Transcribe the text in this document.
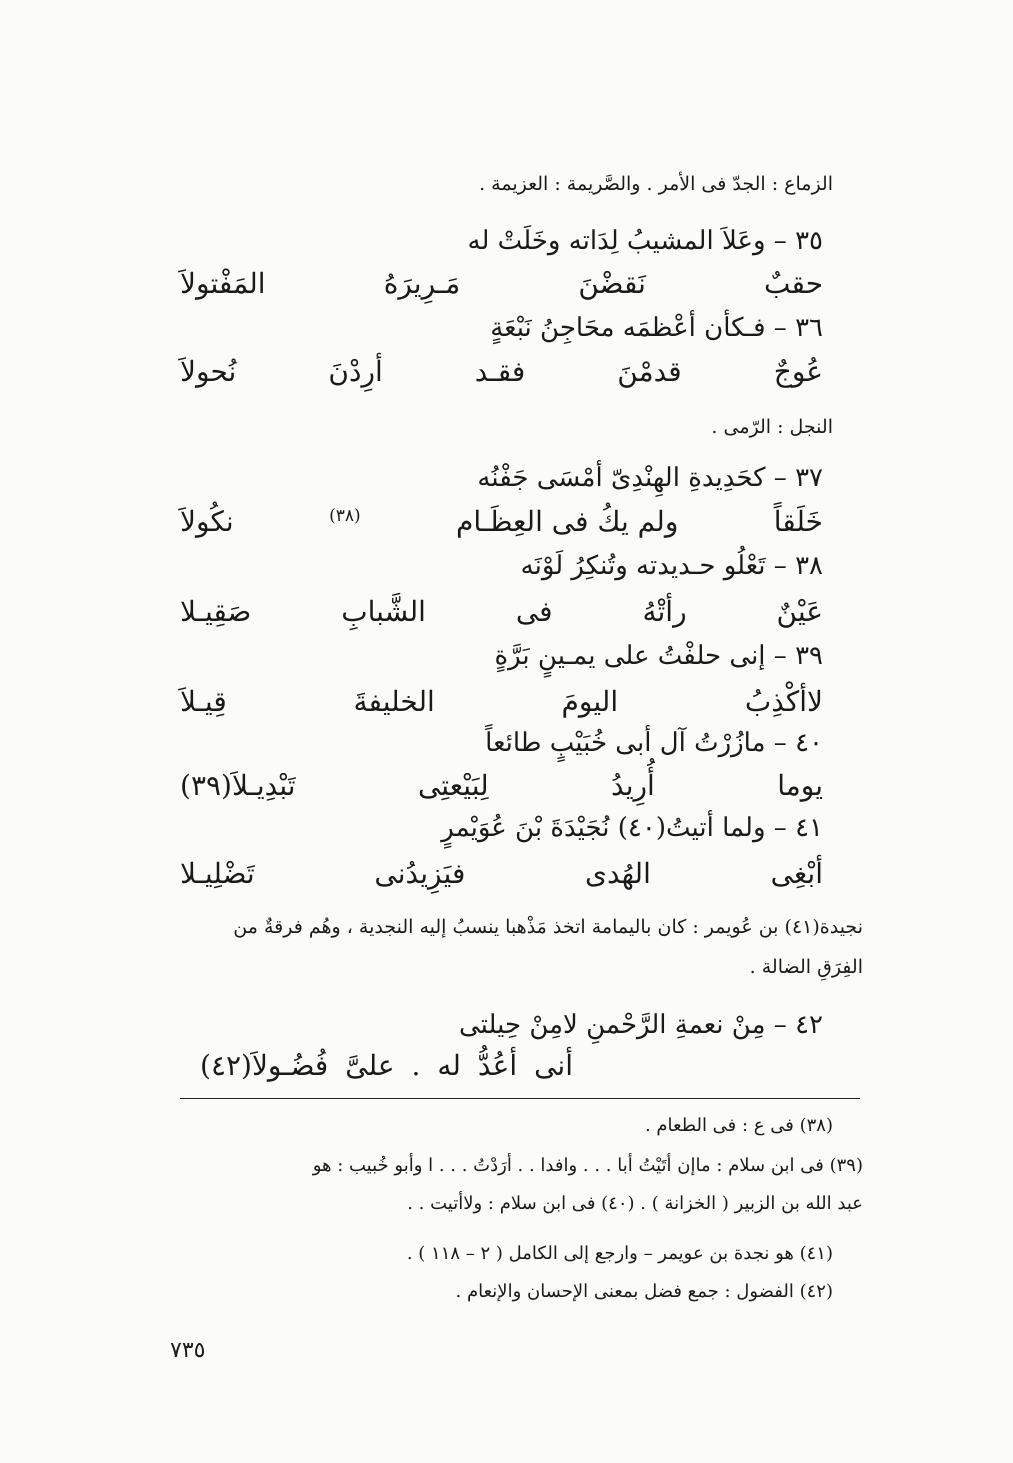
الزماع : الجدّ فى الأمر . والصَّريمة : العزيمة .
٣٥ – وعَلاَ المشيبُ لِدَاته وخَلَتْ له
حقبٌ
نَقضْنَ
مَـرِيرَهُ
المَفْتولاَ
٣٦ – فـكأن أعْظمَه محَاجِنُ نَبْعَةٍ
عُوجٌ
قدمْنَ
فقـد
أرِدْنَ
نُحولاَ
النجل : الرّمى .
٣٧ – كحَدِيدةِ الهِنْدِىّ أمْسَى جَفْنُه
خَلَقاً
ولم يكُ فى العِظَـام
(٣٨)
نكُولاَ
٣٨ – تَعْلُو حـديدته وتُنكِرُ لَوْنَه
عَيْنٌ
رأتْهُ
فى
الشَّبابِ
صَقِيـلا
٣٩ – إنى حلفْتُ على يمـينٍ بَرَّةٍ
لاأكْذِبُ
اليومَ
الخليفةَ
قِيـلاَ
٤٠ – مازُرْتُ آل أبى خُبَيْبٍ طائعاً
يوما
أُرِيدُ
لِبَيْعتِى
تَبْدِيـلاَ(٣٩)
٤١ – ولما أتيتُ(٤٠) نُجَيْدَةَ بْنَ عُوَيْمرٍ
أبْغِى
الهُدى
فيَزِيدُنى
تَضْلِيـلا
نجيدة(٤١) بن عُويمر : كان باليمامة اتخذ مَذْهبا ينسبُ إليه النجدية ، وهُم فرقةٌ من
الفِرَقِ الضالة .
٤٢ – مِنْ نعمةِ الرَّحْمنِ لامِنْ حِيلتى
أنى
أعُدُّ
له
.
علىَّ
فُضُـولاَ(٤٢)
(٣٨) فى ع : فى الطعام .
(٣٩) فى ابن سلام : ماإن أتَيْتُ أبا . . . وافدا . . أرَدْتُ . . . ا وأبو خُبيب : هو
عبد الله بن الزبير ( الخزانة ) . (٤٠) فى ابن سلام : ولاأتيت . .
(٤١) هو نجدة بن عويمر – وارجع إلى الكامل ( ٢ – ١١٨ ) .
(٤٢) الفضول : جمع فضل بمعنى الإحسان والإنعام .
٧٣٥
